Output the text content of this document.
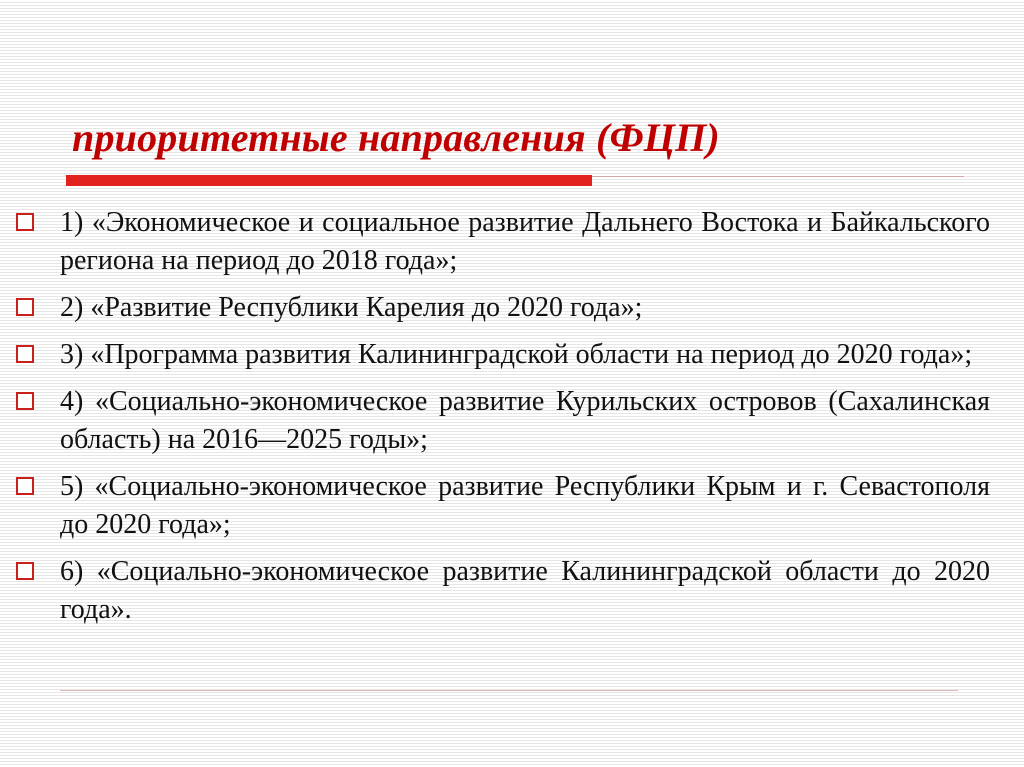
приоритетные направления (ФЦП)
1) «Экономическое и социальное развитие Дальнего Востока и Байкальского региона на период до 2018 года»;
2) «Развитие Республики Карелия до 2020 года»;
3) «Программа развития Калининградской области на период до 2020 года»;
4) «Социально-экономическое развитие Курильских островов (Сахалинская область) на 2016—2025 годы»;
5) «Социально-экономическое развитие Республики Крым и г. Севастополя до 2020 года»;
6) «Социально-экономическое развитие Калининградской области до 2020 года».
